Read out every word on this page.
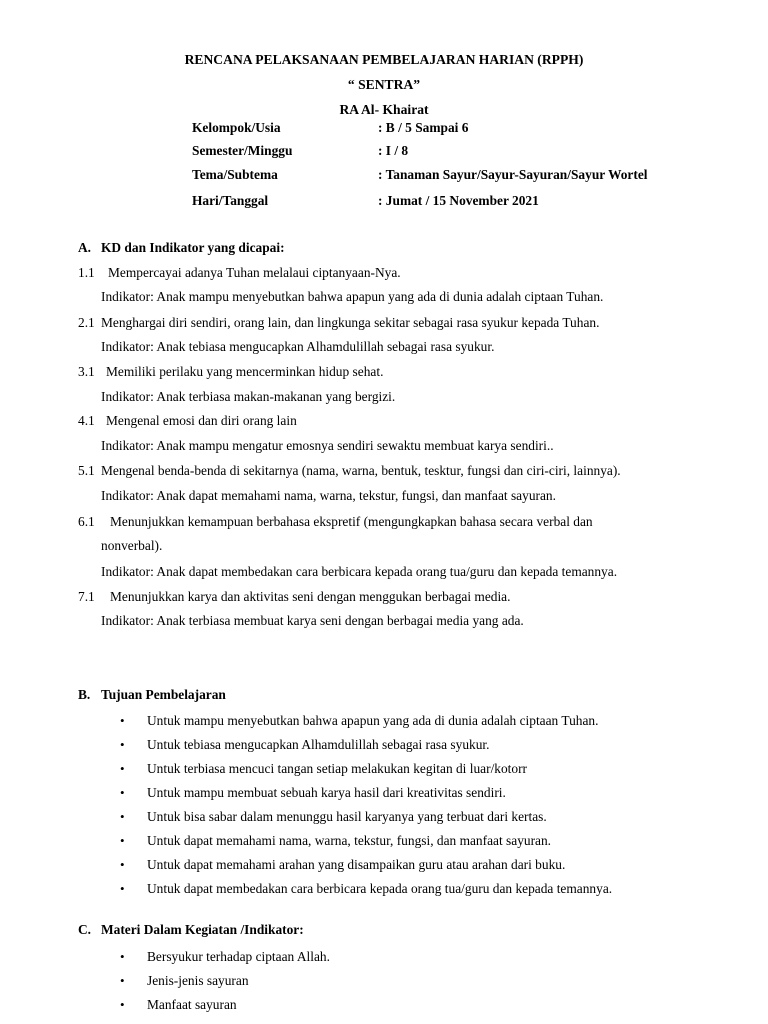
RENCANA PELAKSANAAN PEMBELAJARAN HARIAN (RPPH)
“ SENTRA”
RA Al- Khairat
Kelompok/Usia	: B / 5 Sampai 6
Semester/Minggu	: I / 8
Tema/Subtema	: Tanaman Sayur/Sayur-Sayuran/Sayur Wortel
Hari/Tanggal	: Jumat / 15 November 2021
A. KD dan Indikator yang dicapai:
1.1 Mempercayai adanya Tuhan melalaui ciptanyaan-Nya.
Indikator: Anak mampu menyebutkan bahwa apapun yang ada di dunia adalah ciptaan Tuhan.
2.1 Menghargai diri sendiri, orang lain, dan lingkunga sekitar sebagai rasa syukur kepada Tuhan.
Indikator: Anak tebiasa mengucapkan Alhamdulillah sebagai rasa syukur.
3.1 Memiliki perilaku yang mencerminkan hidup sehat.
Indikator: Anak terbiasa makan-makanan yang bergizi.
4.1 Mengenal emosi dan diri orang lain
Indikator: Anak mampu mengatur emosnya sendiri sewaktu membuat karya sendiri..
5.1 Mengenal benda-benda di sekitarnya (nama, warna, bentuk, tesktur, fungsi dan ciri-ciri, lainnya).
Indikator: Anak dapat memahami nama, warna, tekstur, fungsi, dan manfaat sayuran.
6.1 Menunjukkan kemampuan berbahasa ekspretif (mengungkapkan bahasa secara verbal dan
nonverbal).
Indikator: Anak dapat membedakan cara berbicara kepada orang tua/guru dan kepada temannya.
7.1 Menunjukkan karya dan aktivitas seni dengan menggukan berbagai media.
Indikator: Anak terbiasa membuat karya seni dengan berbagai media yang ada.
B. Tujuan Pembelajaran
• Untuk mampu menyebutkan bahwa apapun yang ada di dunia adalah ciptaan Tuhan.
• Untuk tebiasa mengucapkan Alhamdulillah sebagai rasa syukur.
• Untuk terbiasa mencuci tangan setiap melakukan kegitan di luar/kotorr
• Untuk mampu membuat sebuah karya hasil dari kreativitas sendiri.
• Untuk bisa sabar dalam menunggu hasil karyanya yang terbuat dari kertas.
• Untuk dapat memahami nama, warna, tekstur, fungsi, dan manfaat sayuran.
• Untuk dapat memahami arahan yang disampaikan guru atau arahan dari buku.
• Untuk dapat membedakan cara berbicara kepada orang tua/guru dan kepada temannya.
C. Materi Dalam Kegiatan /Indikator:
• Bersyukur terhadap ciptaan Allah.
• Jenis-jenis sayuran
• Manfaat sayuran
